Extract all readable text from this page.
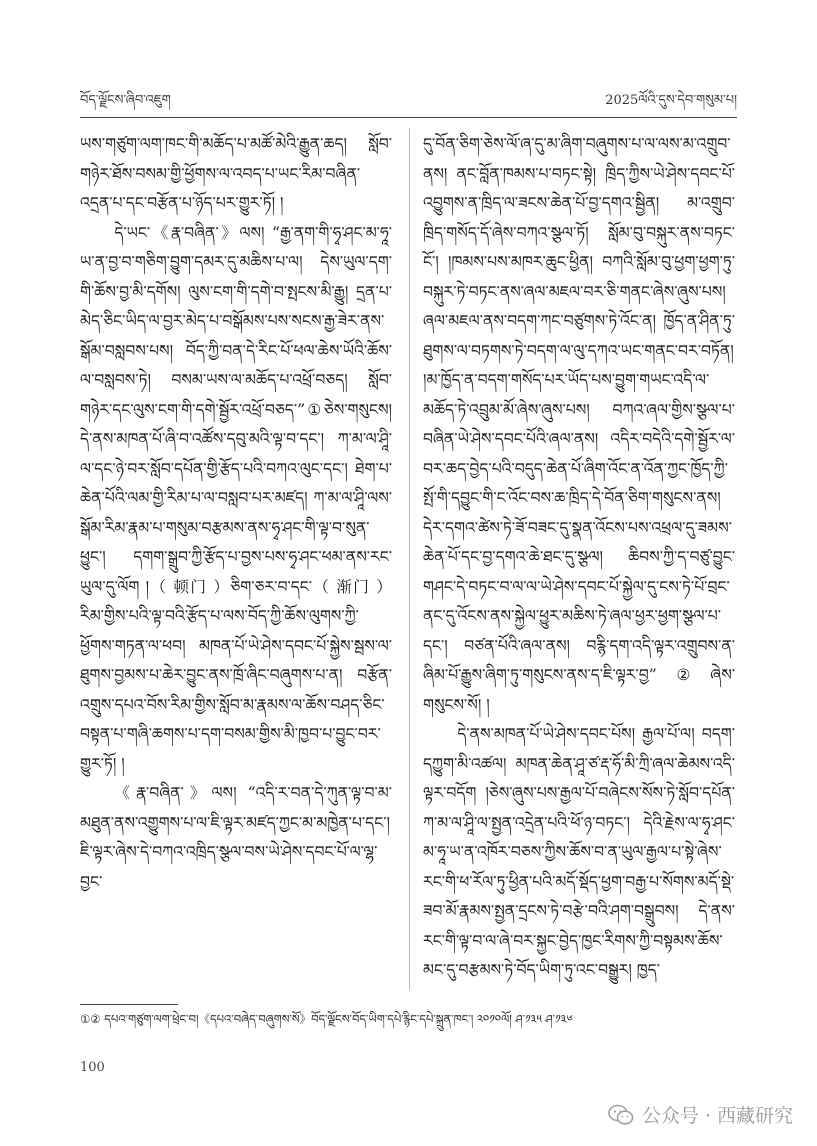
བོད་ལྗོངས་ཞིབ་འཇུག	2025ལོའི་དུས་དེབ་གསུམ་པ།

ཡས་གཙུག་ལག་ཁང་གི་མཆོད་པ་མཚོ་མེའི་རྒྱུན་ཆད། སློབ་གཉེར་ཐོས་བསམ་གྱི་ཕྱོགས་ལ་འབད་པ་ཡང་རིམ་བཞིན་འདྲན་པ་དང་བརྩོན་པ་ཉོད་པར་གྱུར་ཏོ། །

དེ་ཡང་《རྣ་བཞིན་》ལས། “རྒྱ་ནག་གི་ཧྭ་ཤང་མ་ཧཱ་ཡ་ན་བྱ་བ་གཅིག་བྱུག་དམར་དུ་མཆིས་པ་ལ། དེས་ཡུལ་དག་གི་ཆོས་བྱ་མི་དགོས། ལུས་ངག་གི་དགེ་བ་སྤངས་མི་རྒྱུ། དྲན་པ་མེད་ཅིང་ཡིད་ལ་བྱར་མེད་པ་བསྒོམས་པས་སངས་རྒྱ་ཟེར་ནས་སྒོམ་བསླབས་པས། བོད་ཀྱི་བན་དེ་རིང་པོ་ཕལ་ཆེས་ཡོའི་ཆོས་ལ་བསླབས་ཏེ། བསམ་ཡས་ལ་མཆོད་པ་འཕྲོ་བཅད། སློབ་གཉེར་དང་ལུས་ངག་གི་དགེ་སྦྱོར་འཕྲོ་བཅད་”①ཅེས་གསུངས། དེ་ནས་མཁན་པོ་ཞི་བ་འཚོས་དབུ་མའི་ལྟ་བ་དང་། ཀ་མ་ལ་ཤཱི་ལ་དང་ཉེ་བར་སློབ་དཔོན་གྱི་རྩོད་པའི་བཀའ་ལུང་དང་། ཐེག་པ་ཆེན་པོའི་ལམ་གྱི་རིམ་པ་ལ་བསླབ་པར་མཛད། ཀ་མ་ལ་ཤཱི་ལས་སྒོམ་རིམ་རྣམ་པ་གསུམ་བརྩམས་ནས་ཧྭ་ཤང་གི་ལྟ་བ་སུན་ཕྱུང་། དགག་སྒྲུབ་ཀྱི་རྩོད་པ་བྱས་པས་ཧྭ་ཤང་ཕམ་ནས་རང་ཡུལ་དུ་ལོག །（ 顿门 ）ཅིག་ཅར་བ་དང་（ 渐门 ）རིམ་གྱིས་པའི་ལྟ་བའི་རྩོད་པ་ལས་བོད་ཀྱི་ཆོས་ལུགས་ཀྱི་ཕྱོགས་གཏན་ལ་ཕབ། མཁན་པོ་ཡེ་ཤེས་དབང་པོ་སྐྱེས་སྦས་ལ་ཐུགས་བྱམས་པ་ཆེར་བྱུང་ནས་ཁྲོ་ཞིང་བཞུགས་པ་ན། བརྩོན་འགྲུས་དཔའ་བོས་རིམ་གྱིས་སློབ་མ་རྣམས་ལ་ཆོས་བཤད་ཅིང་བསྟན་པ་གཞི་ཆགས་པ་དག་བསམ་གྱིས་མི་ཁྱབ་པ་བྱུང་བར་གྱུར་ཏོ། །

《རྣ་བཞིན་》ལས། “འདི་ར་བན་དེ་ཀུན་ལྟ་བ་མ་མཐུན་ནས་འགྱུགས་པ་ལ་ཇི་ལྟར་མཛད་ཀྱང་མ་མཁྱེན་པ་དང་། ཇི་ལྟར་ཞེས་དེ་བཀའ་འཁྲིད་སྩལ་བས་ཡེ་ཤེས་དབང་པོ་ལ་ལྷ་བྱང་

དུ་བོན་ཅིག་ཅེས་ལོ་ཞ་དུ་མ་ཞིག་བཞུགས་པ་ལ་ལས་མ་འགྲུབ་ནས། ནང་བློན་ཁམས་པ་བཏང་སྟེ། ཁྲིད་ཀྱིས་ཡེ་ཤེས་དབང་པོ་འབྱུགས་ན་ཁྲིད་ལ་ཟངས་ཆེན་པོ་བྱ་དགའ་སྦྱིན། མ་འགྲུབ་ཁྲིད་གསོད་དོ་ཞེས་བཀའ་སྩལ་ཏོ། སློམ་བུ་བསྐུར་ནས་བཏང་ངོ་། །ཁམས་པས་མཁར་ཆུང་ཕྱིན། བཀའི་སློམ་བུ་ཕྱག་ཕྱག་ཏུ་བསྐུར་ཏེ་བཏང་ནས་ཞལ་མཇལ་བར་ཅི་གནང་ཞེས་ཞུས་པས། ཞལ་མཇལ་ནས་བདག་ཀང་བཙུགས་ཏེ་འོང་ན། ཁྱོད་ན་ཤིན་ཏུ་ཐུགས་ལ་བཏགས་ཏེ་བདག་ལ་ལུ་དཀའ་ཡང་གནང་བར་བཏོན། །མ་ཁྱོད་ན་བདག་གསོད་པར་ཡོད་པས་བྱུག་གཡང་འདི་ལ་མཆོད་ཏེ་འབྲུམ་མོ་ཞེས་ཞུས་པས། བཀའ་ཞལ་གྱིས་སྩལ་པ་བཞིན་ཡེ་ཤེས་དབང་པོའི་ཞལ་ནས། འདིར་བདེའི་དགེ་སྦྱོར་ལ་བར་ཆད་བྱེད་པའི་བདུད་ཆེན་པོ་ཞིག་འོང་ན་འོན་ཀྱང་ཁྱོད་ཀྱི་སྤོ་གི་དབྱུང་གི་ང་འོང་བས་ཆ་ཁྲིད་དེ་བོན་ཅིག་གསུངས་ནས། དེར་དགའ་ཚེས་ཏེ་ཟོ་བཟང་དུ་སྣན་འོངས་པས་འཕྲལ་དུ་ཟམས་ཆེན་པོ་དང་བྱ་དགའ་ཆེ་ཐང་དུ་སྩལ། ཆིབས་ཀྱི་ད་བཙུ་བྱུང་གཤང་དེ་བཏང་བ་ལ་ལ་ཡེ་ཤེས་དབང་པོ་སྐྱེལ་དུ་ངས་ཏེ་པོ་བྲང་ནང་དུ་འོངས་ནས་སྐྱེལ་ཕྱུར་མཆིས་ཏེ་ཞལ་ཕྱར་ཕྱག་སྩལ་པ་དང་། བཙན་པོའི་ཞལ་ནས། བརྙི་དག་འདི་ལྟར་འགྲུབས་ན་ཞིམ་པོ་རྒྱུས་ཞིག་ཏུ་གསུངས་ནས་ད་ཇི་ལྟར་བྱ”②ཞེས་གསུངས་སོ། །

དེ་ནས་མཁན་པོ་ཡེ་ཤེས་དབང་པོས། རྒྱལ་པོ་ལ། བདག་དཀྱུག་མི་འཚལ། མཁན་ཆེན་ཤཱ་ཙ་རྡ་ཧོ་མི་ཀྲི་ཞལ་ཆེམས་འདི་ལྟར་བདོག །ཅེས་ཞུས་པས་རྒྱལ་པོ་བཞེངས་སོས་ཏེ་སློབ་དཔོན་ཀ་མ་ལ་ཤཱི་ལ་སྤྱན་འདྲེན་པའི་ཕོ་ཉ་བཏང་། དེའི་རྗེས་ལ་ཧྭ་ཤང་མ་ཧཱ་ཡ་ན་འཁོར་བཅས་ཀྱིས་ཆོས་བ་ན་ཡུལ་རྒྱལ་པ་སྟེ་ཞེས་རང་གི་ཕ་རོལ་ཏུ་ཕྱིན་པའི་མདོ་སྡོད་ཕྱག་བརྒྱ་པ་སོགས་མདོ་སྡེ་ཟབ་མོ་རྣམས་སྤྱན་དྲངས་ཏེ་བརྩེ་བའི་ཤག་བསྒྲུབས། དེ་ནས་རང་གི་ལྟ་བ་ལ་ཞེ་བར་སྐྱང་བྱེད་ཁྱང་རིགས་ཀྱི་བསྟམས་ཆོས་མང་དུ་བརྩམས་ཏེ་བོད་ཡིག་ཏུ་འང་བསྒྱུར། ཁྱད་

①② དཔའ་གཙུག་ལག་ཕྲེང་བ།《དཔའ་བཞེད་བཞུགས་སོ》བོད་ལྗོངས་བོད་ཡིག་དཔེ་རྙིང་དཔེ་སྐྲུན་ཁང་། ༢༠༡༠ལོ། ཤ་༡༣༥ ཤ་༡༣༦
100
公众号 · 西藏研究
